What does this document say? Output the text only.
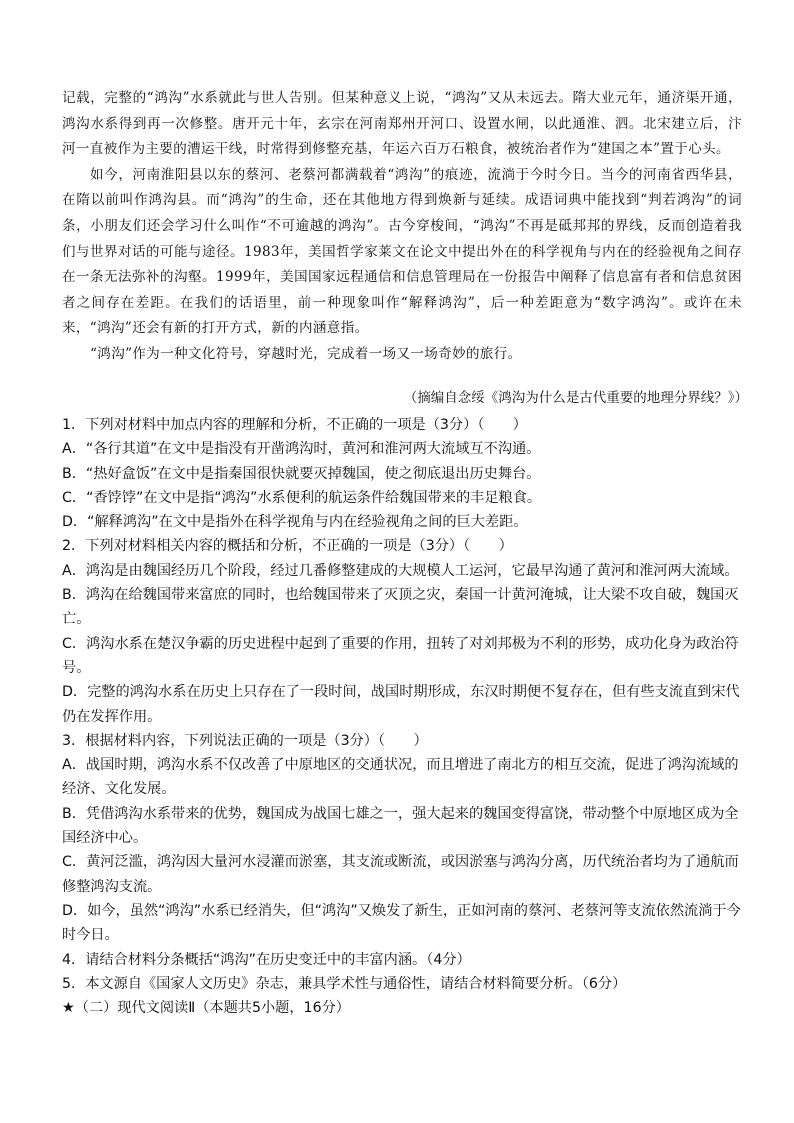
记载，完整的“鸿沟”水系就此与世人告别。但某种意义上说，“鸿沟”又从未远去。隋大业元年，通济渠开通，鸿沟水系得到再一次修整。唐开元十年，玄宗在河南郑州开河口、设置水闸，以此通淮、泗。北宋建立后，汴河一直被作为主要的漕运干线，时常得到修整充基，年运六百万石粮食，被统治者作为“建国之本”置于心头。

如今，河南淮阳县以东的蔡河、老蔡河都满载着“鸿沟”的痕迹，流淌于今时今日。当今的河南省西华县，在隋以前叫作鸿沟县。而“鸿沟”的生命，还在其他地方得到焕新与延续。成语词典中能找到“判若鸿沟”的词条，小朋友们还会学习什么叫作“不可逾越的鸿沟”。古今穿梭间，“鸿沟”不再是砥邦邦的界线，反而创造着我们与世界对话的可能与途径。1983年，美国哲学家莱文在论文中提出外在的科学视角与内在的经验视角之间存在一条无法弥补的沟壑。1999年，美国国家远程通信和信息管理局在一份报告中阐释了信息富有者和信息贫困者之间存在差距。在我们的话语里，前一种现象叫作“解释鸿沟”，后一种差距意为“数字鸿沟”。或许在未来，“鸿沟”还会有新的打开方式，新的内涵意指。

“鸿沟”作为一种文化符号，穿越时光，完成着一场又一场奇妙的旅行。

（摘编自念绥《鸿沟为什么是古代重要的地理分界线？》）

1．下列对材料中加点内容的理解和分析，不正确的一项是（3分）（　　）

A．“各行其道”在文中是指没有开凿鸿沟时，黄河和淮河两大流域互不沟通。

B．“热好盒饭”在文中是指秦国很快就要灭掉魏国，使之彻底退出历史舞台。

C．“香饽饽”在文中是指“鸿沟”水系便利的航运条件给魏国带来的丰足粮食。

D．“解释鸿沟”在文中是指外在科学视角与内在经验视角之间的巨大差距。

2．下列对材料相关内容的概括和分析，不正确的一项是（3分）（　　）

A．鸿沟是由魏国经历几个阶段，经过几番修整建成的大规模人工运河，它最早沟通了黄河和淮河两大流域。

B．鸿沟在给魏国带来富庶的同时，也给魏国带来了灭顶之灾，秦国一计黄河淹城，让大梁不攻自破，魏国灭亡。

C．鸿沟水系在楚汉争霸的历史进程中起到了重要的作用，扭转了对刘邦极为不利的形势，成功化身为政治符号。

D．完整的鸿沟水系在历史上只存在了一段时间，战国时期形成，东汉时期便不复存在，但有些支流直到宋代仍在发挥作用。

3．根据材料内容，下列说法正确的一项是（3分）（　　）

A．战国时期，鸿沟水系不仅改善了中原地区的交通状况，而且增进了南北方的相互交流，促进了鸿沟流域的经济、文化发展。

B．凭借鸿沟水系带来的优势，魏国成为战国七雄之一，强大起来的魏国变得富饶，带动整个中原地区成为全国经济中心。

C．黄河泛滥，鸿沟因大量河水浸灌而淤塞，其支流或断流，或因淤塞与鸿沟分离，历代统治者均为了通航而修整鸿沟支流。

D．如今，虽然“鸿沟”水系已经消失，但“鸿沟”又焕发了新生，正如河南的蔡河、老蔡河等支流依然流淌于今时今日。

4．请结合材料分条概括“鸿沟”在历史变迁中的丰富内涵。（4分）

5．本文源自《国家人文历史》杂志，兼具学术性与通俗性，请结合材料简要分析。（6分）

★（二）现代文阅读Ⅱ（本题共5小题，16分）
